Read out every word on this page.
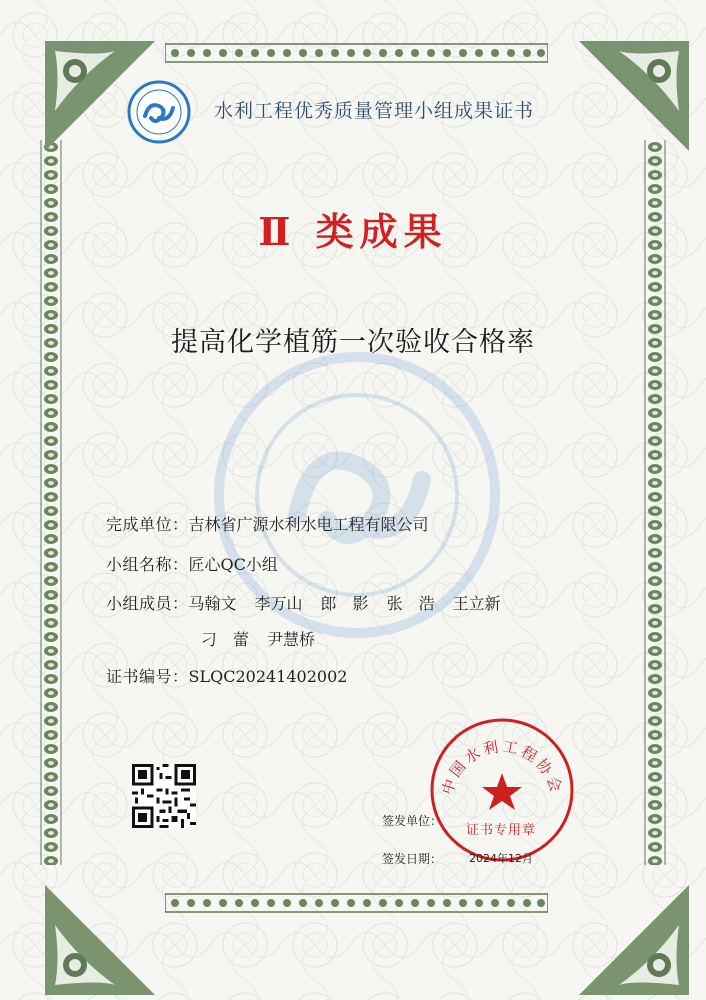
水利工程优秀质量管理小组成果证书
Ⅱ 类成果
提高化学植筋一次验收合格率
完成单位：吉林省广源水利水电工程有限公司
小组名称：匠心QC小组
小组成员：马翰文 李万山 郎　影 张　浩 王立新
刁　蕾 尹慧桥
证书编号：SLQC20241402002
签发单位：
签发日期：
中国水利工程协会
证书专用章
2024年12月
